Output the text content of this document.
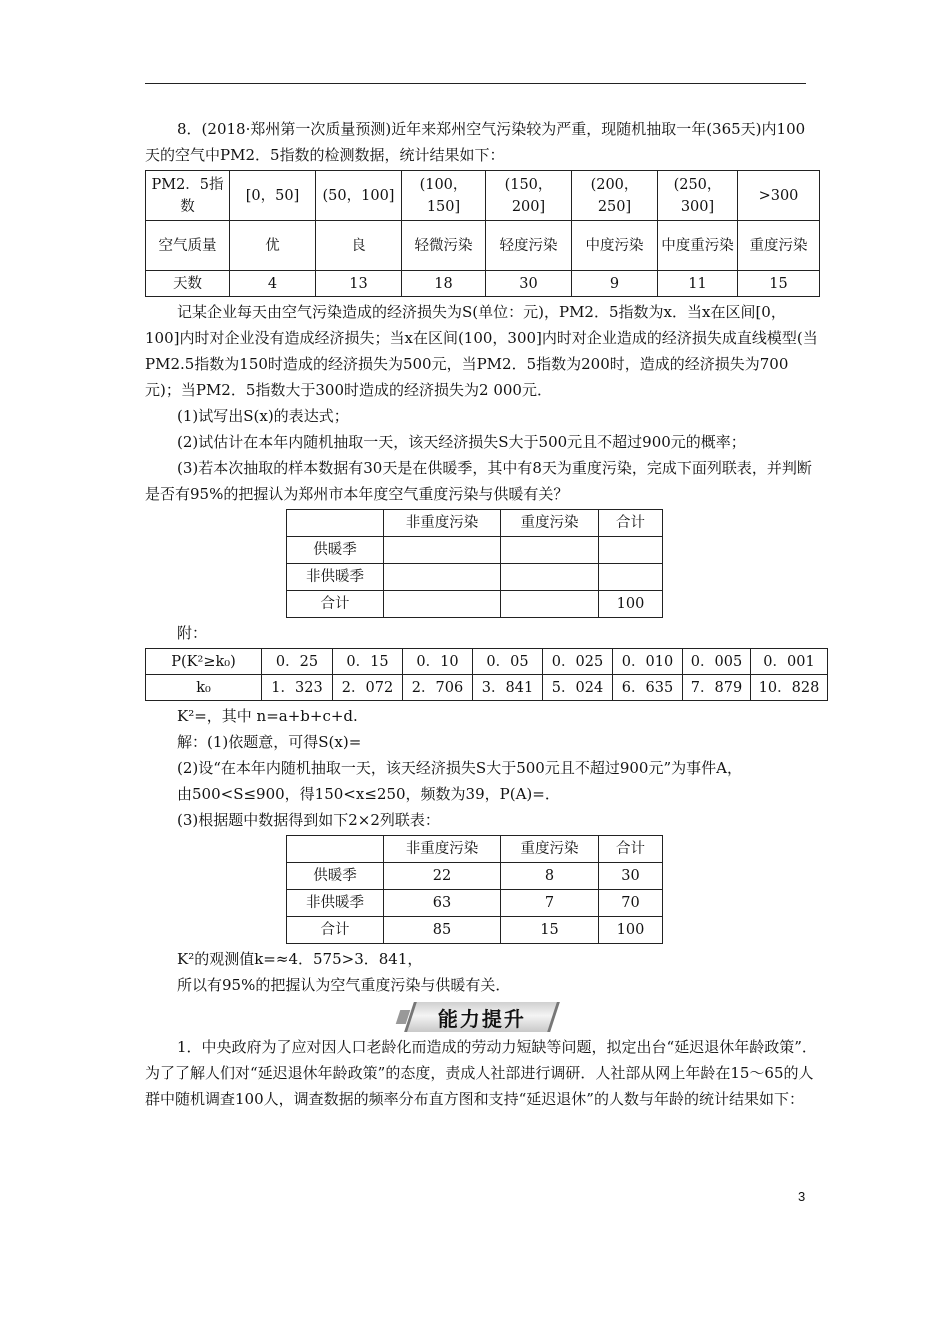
8．(2018·郑州第一次质量预测)近年来郑州空气污染较为严重，现随机抽取一年(365天)内100天的空气中PM2．5指数的检测数据，统计结果如下：

PM2．5指数	[0，50]	(50，100]	(100，150]	(150，200]	(200，250]	(250，300]	>300
空气质量	优	良	轻微污染	轻度污染	中度污染	中度重污染	重度污染
天数	4	13	18	30	9	11	15

记某企业每天由空气污染造成的经济损失为S(单位：元)，PM2．5指数为x．当x在区间[0，100]内时对企业没有造成经济损失；当x在区间(100，300]内时对企业造成的经济损失成直线模型(当PM2.5指数为150时造成的经济损失为500元，当PM2．5指数为200时，造成的经济损失为700元)；当PM2．5指数大于300时造成的经济损失为2 000元．

(1)试写出S(x)的表达式；

(2)试估计在本年内随机抽取一天，该天经济损失S大于500元且不超过900元的概率；

(3)若本次抽取的样本数据有30天是在供暖季，其中有8天为重度污染，完成下面列联表，并判断是否有95%的把握认为郑州市本年度空气重度污染与供暖有关？

	非重度污染	重度污染	合计
供暖季			
非供暖季			
合计			100

附：

P(K²≥k₀)	0．25	0．15	0．10	0．05	0．025	0．010	0．005	0．001
k₀	1．323	2．072	2．706	3．841	5．024	6．635	7．879	10．828

K²=，其中 n=a+b+c+d.

解：(1)依题意，可得S(x)=

(2)设“在本年内随机抽取一天，该天经济损失S大于500元且不超过900元”为事件A，

由500<S≤900，得150<x≤250，频数为39，P(A)=．

(3)根据题中数据得到如下2×2列联表：

	非重度污染	重度污染	合计
供暖季	22	8	30
非供暖季	63	7	70
合计	85	15	100

K²的观测值k=≈4．575>3．841，

所以有95%的把握认为空气重度污染与供暖有关．

能力提升

1．中央政府为了应对因人口老龄化而造成的劳动力短缺等问题，拟定出台“延迟退休年龄政策”．为了了解人们对“延迟退休年龄政策”的态度，责成人社部进行调研．人社部从网上年龄在15～65的人群中随机调查100人，调查数据的频率分布直方图和支持“延迟退休”的人数与年龄的统计结果如下：

3
